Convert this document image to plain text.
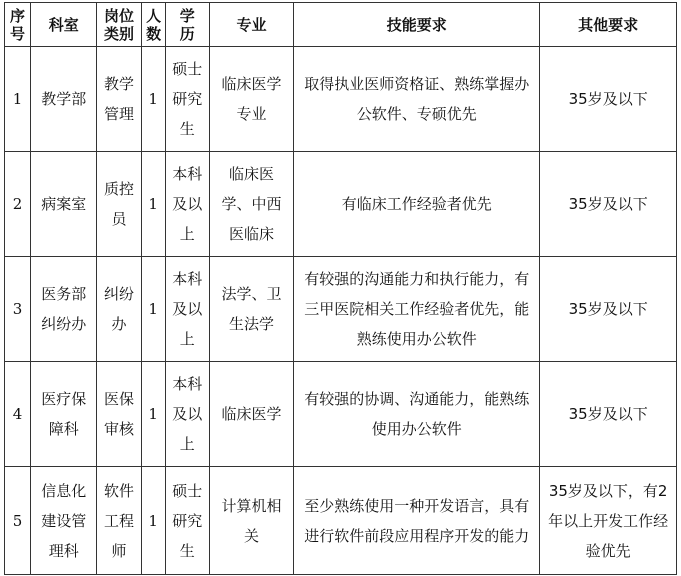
序号	科室	岗位类别	人数	学历	专业	技能要求	其他要求
1	教学部	教学管理	1	硕士研究生	临床医学专业	取得执业医师资格证、熟练掌握办公软件、专硕优先	35岁及以下
2	病案室	质控员	1	本科及以上	临床医学、中西医临床	有临床工作经验者优先	35岁及以下
3	医务部纠纷办	纠纷办	1	本科及以上	法学、卫生法学	有较强的沟通能力和执行能力，有三甲医院相关工作经验者优先，能熟练使用办公软件	35岁及以下
4	医疗保障科	医保审核	1	本科及以上	临床医学	有较强的协调、沟通能力，能熟练使用办公软件	35岁及以下
5	信息化建设管理科	软件工程师	1	硕士研究生	计算机相关	至少熟练使用一种开发语言，具有进行软件前段应用程序开发的能力	35岁及以下，有2年以上开发工作经验优先
